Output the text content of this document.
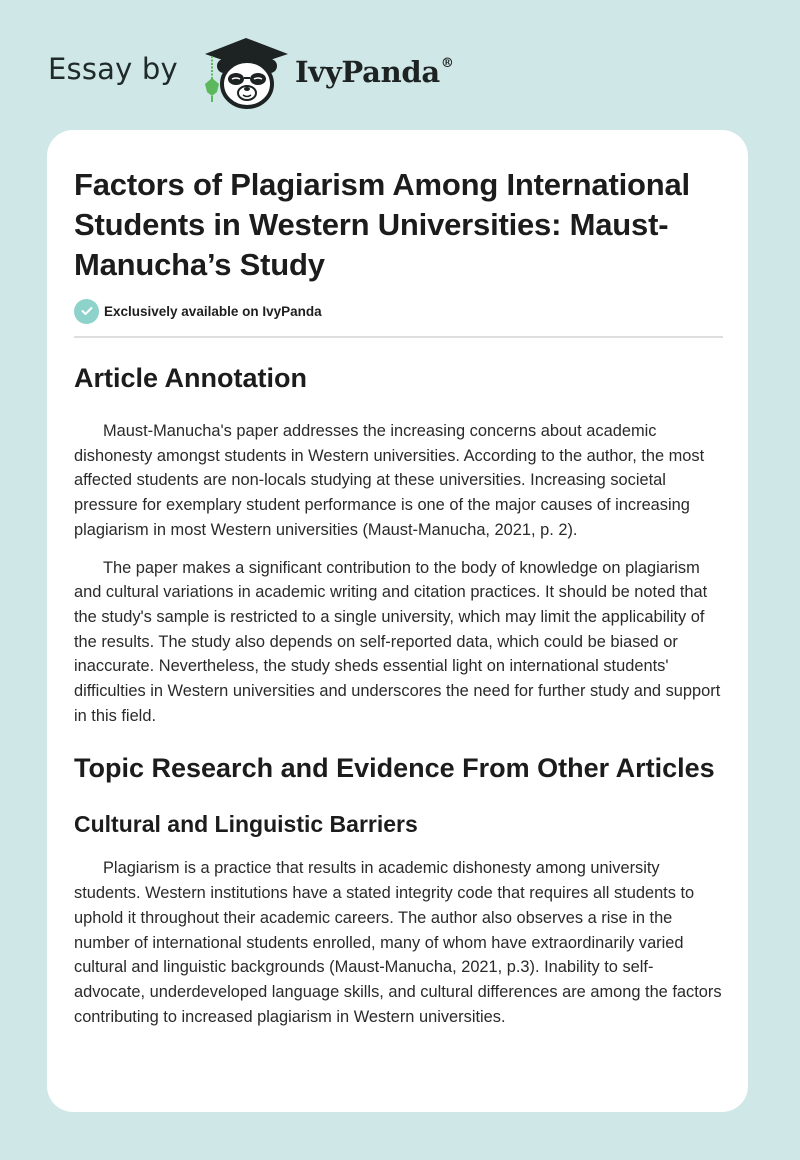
Essay by	IvyPanda®
Factors of Plagiarism Among International Students in Western Universities: Maust-Manucha’s Study
Exclusively available on IvyPanda
Article Annotation

Maust-Manucha's paper addresses the increasing concerns about academic dishonesty amongst students in Western universities. According to the author, the most affected students are non-locals studying at these universities. Increasing societal pressure for exemplary student performance is one of the major causes of increasing plagiarism in most Western universities (Maust-Manucha, 2021, p. 2).

The paper makes a significant contribution to the body of knowledge on plagiarism and cultural variations in academic writing and citation practices. It should be noted that the study's sample is restricted to a single university, which may limit the applicability of the results. The study also depends on self-reported data, which could be biased or inaccurate. Nevertheless, the study sheds essential light on international students' difficulties in Western universities and underscores the need for further study and support in this field.

Topic Research and Evidence From Other Articles
Cultural and Linguistic Barriers

Plagiarism is a practice that results in academic dishonesty among university students. Western institutions have a stated integrity code that requires all students to uphold it throughout their academic careers. The author also observes a rise in the number of international students enrolled, many of whom have extraordinarily varied cultural and linguistic backgrounds (Maust-Manucha, 2021, p.3). Inability to self-advocate, underdeveloped language skills, and cultural differences are among the factors contributing to increased plagiarism in Western universities.
